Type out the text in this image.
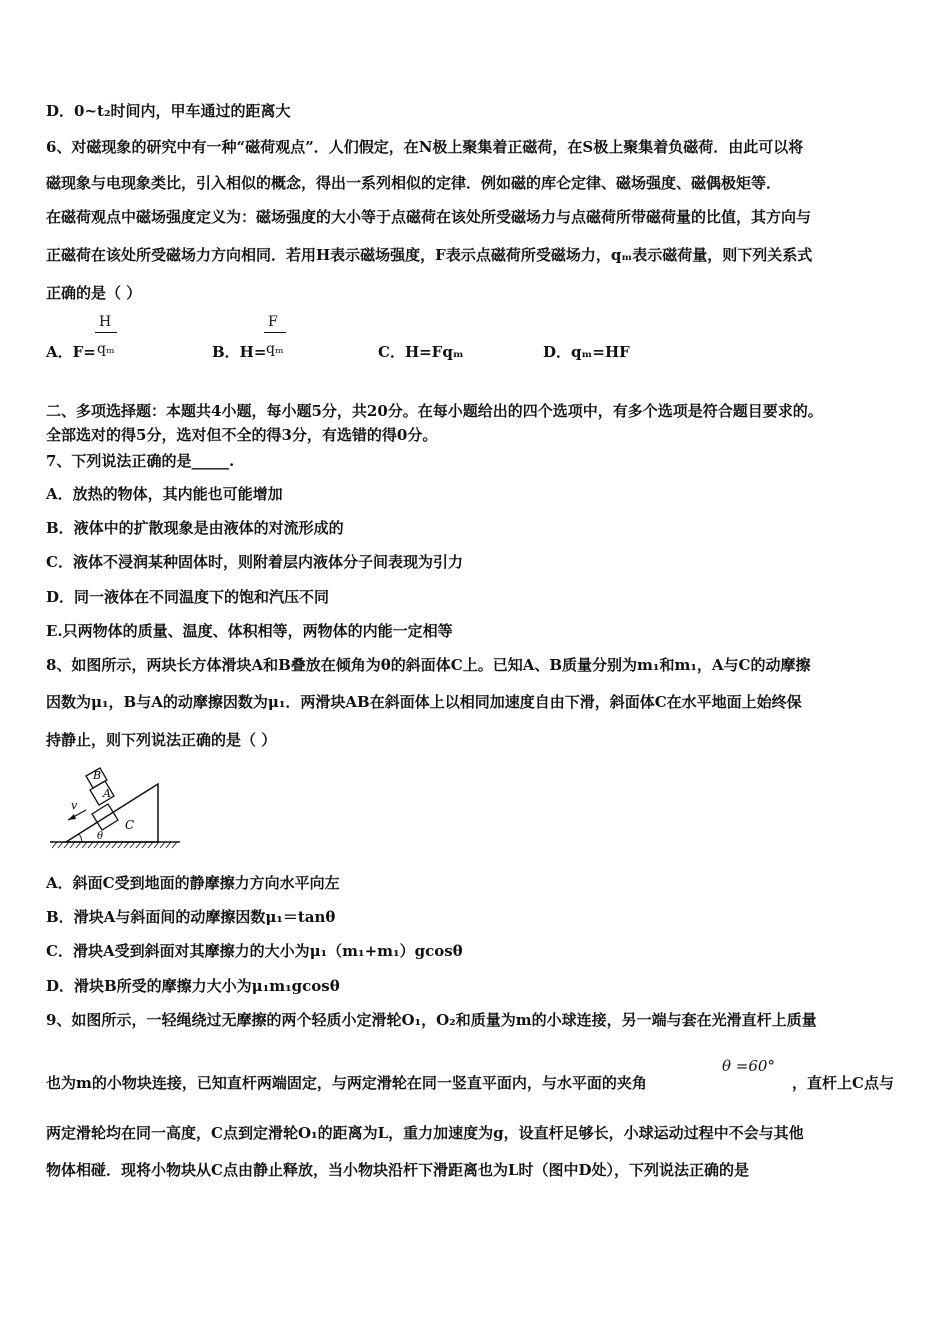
D．0~t₂时间内，甲车通过的距离大
6、对磁现象的研究中有一种“磁荷观点”．人们假定，在N极上聚集着正磁荷，在S极上聚集着负磁荷．由此可以将
磁现象与电现象类比，引入相似的概念，得出一系列相似的定律．例如磁的库仑定律、磁场强度、磁偶极矩等．
在磁荷观点中磁场强度定义为：磁场强度的大小等于点磁荷在该处所受磁场力与点磁荷所带磁荷量的比值，其方向与
正磁荷在该处所受磁场力方向相同．若用H表示磁场强度，F表示点磁荷所受磁场力，qₘ表示磁荷量，则下列关系式
正确的是（ ）
A．F=
H
qₘ	B．H=
F
qₘ	C．H=Fqₘ	D．qₘ=HF
二、多项选择题：本题共4小题，每小题5分，共20分。在每小题给出的四个选项中，有多个选项是符合题目要求的。
全部选对的得5分，选对但不全的得3分，有选错的得0分。
7、下列说法正确的是_____.
A．放热的物体，其内能也可能增加
B．液体中的扩散现象是由液体的对流形成的
C．液体不浸润某种固体时，则附着层内液体分子间表现为引力
D．同一液体在不同温度下的饱和汽压不同
E.只两物体的质量、温度、体积相等，两物体的内能一定相等
8、如图所示，两块长方体滑块A和B叠放在倾角为θ的斜面体C上。已知A、B质量分别为m₁和m₁，A与C的动摩擦
因数为μ₁，B与A的动摩擦因数为μ₁．两滑块AB在斜面体上以相同加速度自由下滑，斜面体C在水平地面上始终保
持静止，则下列说法正确的是（ ）
B
A
C
v
θ
A．斜面C受到地面的静摩擦力方向水平向左
B．滑块A与斜面间的动摩擦因数μ₁＝tanθ
C．滑块A受到斜面对其摩擦力的大小为μ₁（m₁+m₁）gcosθ
D．滑块B所受的摩擦力大小为μ₁m₁gcosθ
9、如图所示，一轻绳绕过无摩擦的两个轻质小定滑轮O₁，O₂和质量为m的小球连接，另一端与套在光滑直杆上质量
也为m的小物块连接，已知直杆两端固定，与两定滑轮在同一竖直平面内，与水平面的夹角
θ =60°
，直杆上C点与
两定滑轮均在同一高度，C点到定滑轮O₁的距离为L，重力加速度为g，设直杆足够长，小球运动过程中不会与其他
物体相碰．现将小物块从C点由静止释放，当小物块沿杆下滑距离也为L时（图中D处），下列说法正确的是
